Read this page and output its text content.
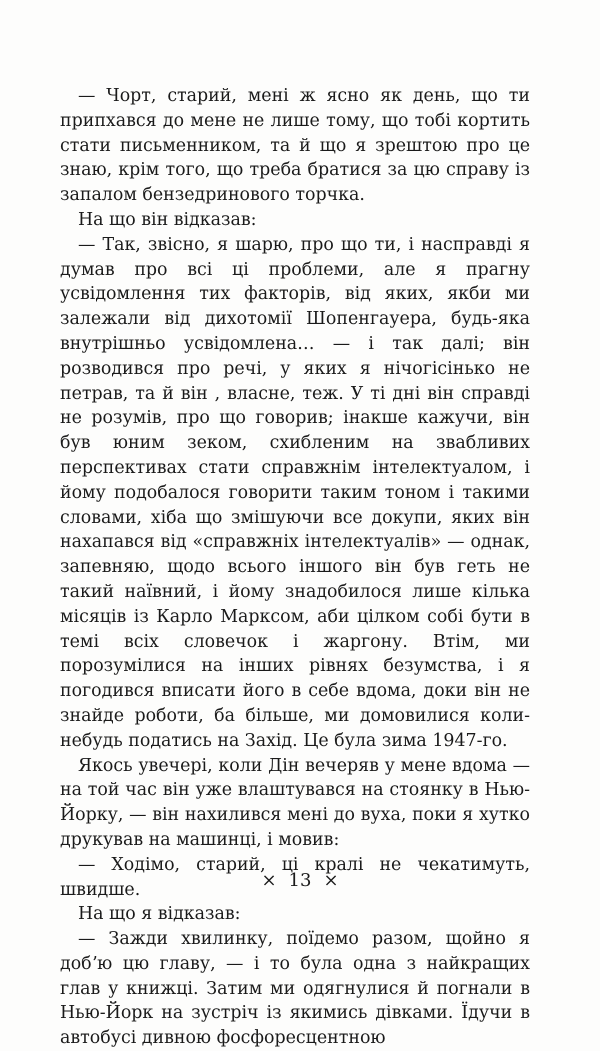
— Чорт, старий, мені ж ясно як день, що ти припхався до мене не лише тому, що тобі кортить стати письменником, та й що я зрештою про це знаю, крім того, що треба братися за цю справу із запалом бензедринового торчка.

На що він відказав:

— Так, звісно, я шарю, про що ти, і насправді я думав про всі ці проблеми, але я прагну усвідомлення тих факторів, від яких, якби ми залежали від дихотомії Шопенгауера, будь-яка внутрішньо усвідомлена… — і так далі; він розводився про речі, у яких я нічогісінько не петрав, та й він , власне, теж. У ті дні він справді не розумів, про що говорив; інакше кажучи, він був юним зеком, схибленим на звабливих перспективах стати справжнім інтелектуалом, і йому подобалося говорити таким тоном і такими словами, хіба що змішуючи все докупи, яких він нахапався від «справжніх інтелектуалів» — однак, запевняю, щодо всього іншого він був геть не такий наївний, і йому знадобилося лише кілька місяців із Карло Марксом, аби цілком собі бути в темі всіх словечок і жаргону. Втім, ми порозумілися на інших рівнях безумства, і я погодився вписати його в себе вдома, доки він не знайде роботи, ба більше, ми домовилися коли-небудь податись на Захід. Це була зима 1947-го.

Якось увечері, коли Дін вечеряв у мене вдома — на той час він уже влаштувався на стоянку в Нью-Йорку, — він нахилився мені до вуха, поки я хутко друкував на машинці, і мовив:

— Ходімо, старий, ці кралі не чекатимуть, швидше.

На що я відказав:

— Зажди хвилинку, поїдемо разом, щойно я добʼю цю главу, — і то була одна з найкращих глав у книжці. Затим ми одягнулися й погнали в Нью-Йорк на зустріч із якимись дівками. Їдучи в автобусі дивною фосфоресцентною

× 13 ×
